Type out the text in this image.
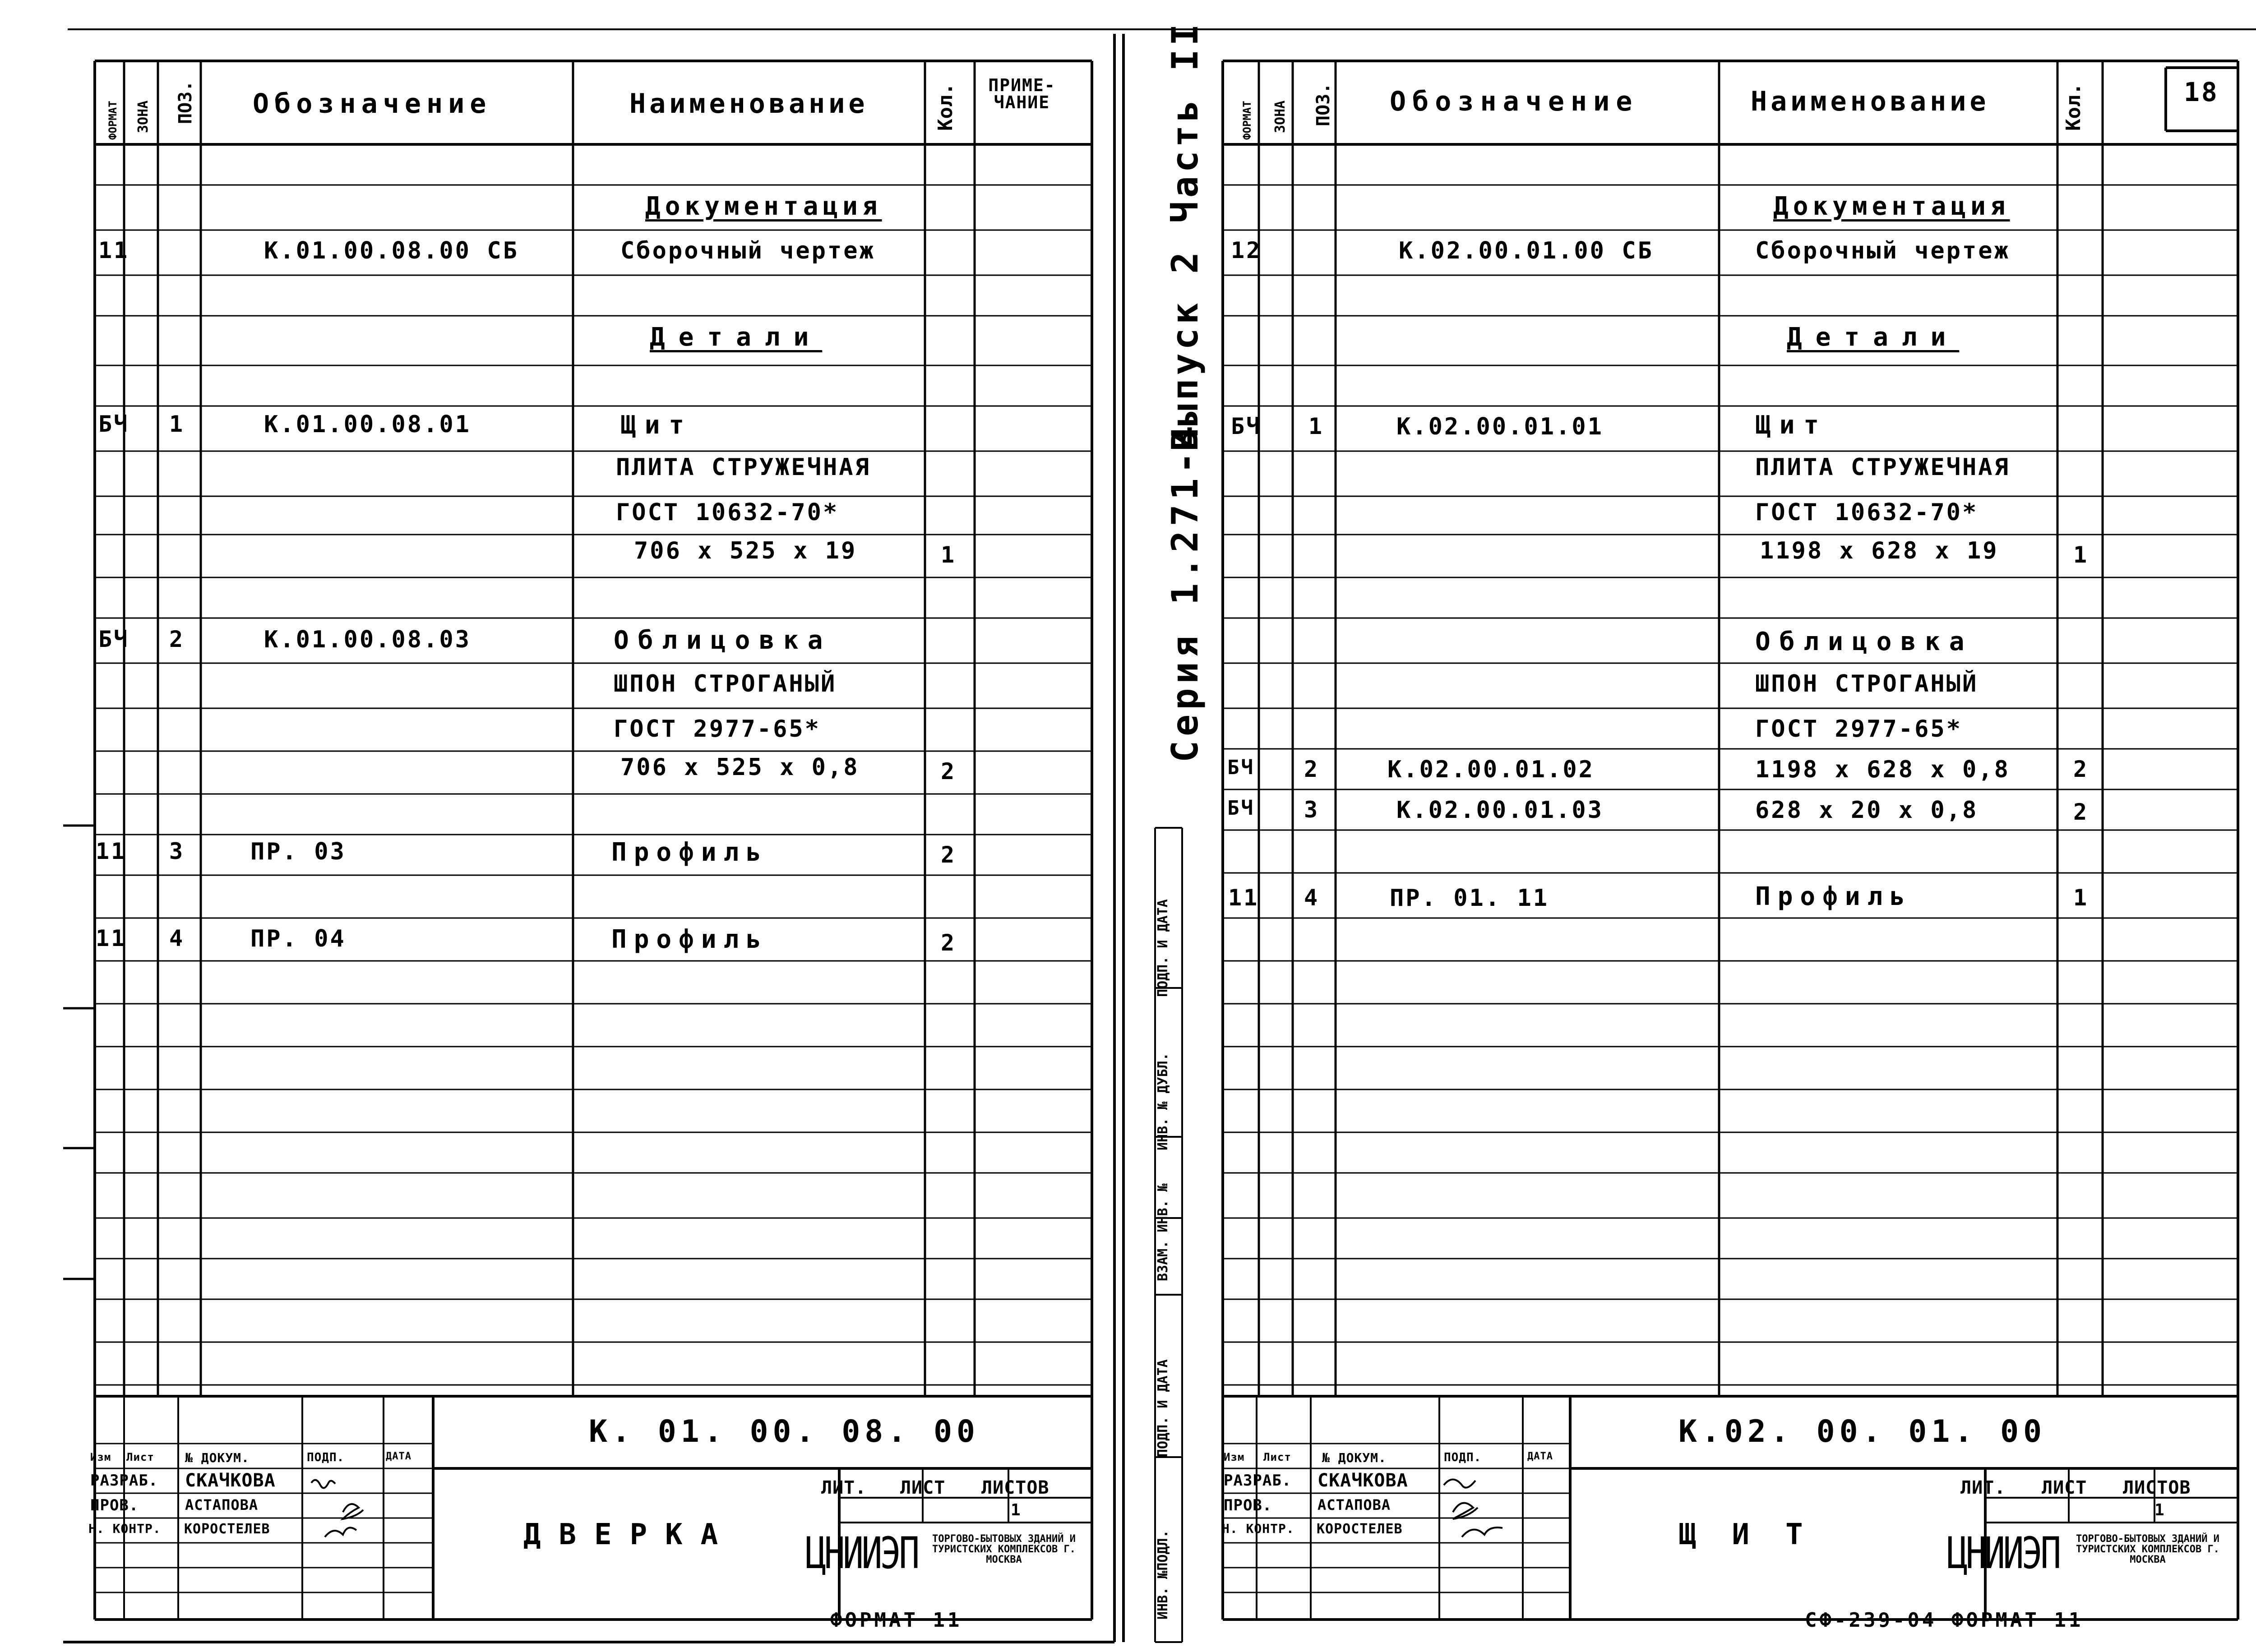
ФОРМАТ ЗОНА ПОЗ. Обозначение	Наименование	Кол. ПРИМЕ-ЧАНИЕ
Документация
Детали
11	К.01.00.08.00 СБ	Сборочный чертеж
БЧ 1	К.01.00.08.01	Щит
ПЛИТА СТРУЖЕЧНАЯ
ГОСТ 10632-70*
706 х 525 х 19	1
БЧ 2	К.01.00.08.03	Облицовка
ШПОН СТРОГАНЫЙ
ГОСТ 2977-65*
706 х 525 х 0,8	2
11 3	ПР. 03	Профиль	2
11 4	ПР. 04	Профиль	2
К. 01. 00. 08. 00
ДВЕРКА
Изм Лист № ДОКУМ.	ПОДП.	ДАТА
РАЗРАБ. СКАЧКОВА
ПРОВ.	АСТАПОВА
Н. КОНТР. КОРОСТЕЛЕВ
ЛИТ. ЛИСТ ЛИСТОВ
1
ЦНИИЭП	ТОРГОВО-БЫТОВЫХ ЗДАНИЙ И ТУРИСТСКИХ КОМПЛЕКСОВ Г. МОСКВА
ФОРМАТ 11
Серия 1.271-4
Выпуск 2 Часть II
ИНВ. №ПОДЛ.
ПОДП. И ДАТА
ВЗАМ. ИНВ. №
ИНВ. № ДУБЛ.
ПОДП. И ДАТА
ФОРМАТ ЗОНА ПОЗ. Обозначение	Наименование	Кол.	18
Документация
Детали
12	К.02.00.01.00 СБ	Сборочный чертеж
БЧ 1	К.02.00.01.01	Щит
ПЛИТА СТРУЖЕЧНАЯ
ГОСТ 10632-70*
1198 х 628 х 19	1
Облицовка
ШПОН СТРОГАНЫЙ
ГОСТ 2977-65*
БЧ 2	К.02.00.01.02	1198 х 628 х 0,8	2
БЧ 3	К.02.00.01.03	628 х 20 х 0,8	2
11 4	ПР. 01. 11	Профиль	1
К.02. 00. 01. 00
ЩИТ
Изм Лист № ДОКУМ.	ПОДП.	ДАТА
РАЗРАБ. СКАЧКОВА
ПРОВ.	АСТАПОВА
Н. КОНТР. КОРОСТЕЛЕВ
ЛИТ. ЛИСТ ЛИСТОВ
1
ЦНИИЭП	ТОРГОВО-БЫТОВЫХ ЗДАНИЙ И ТУРИСТСКИХ КОМПЛЕКСОВ Г. МОСКВА
СФ-239-04 ФОРМАТ 11
